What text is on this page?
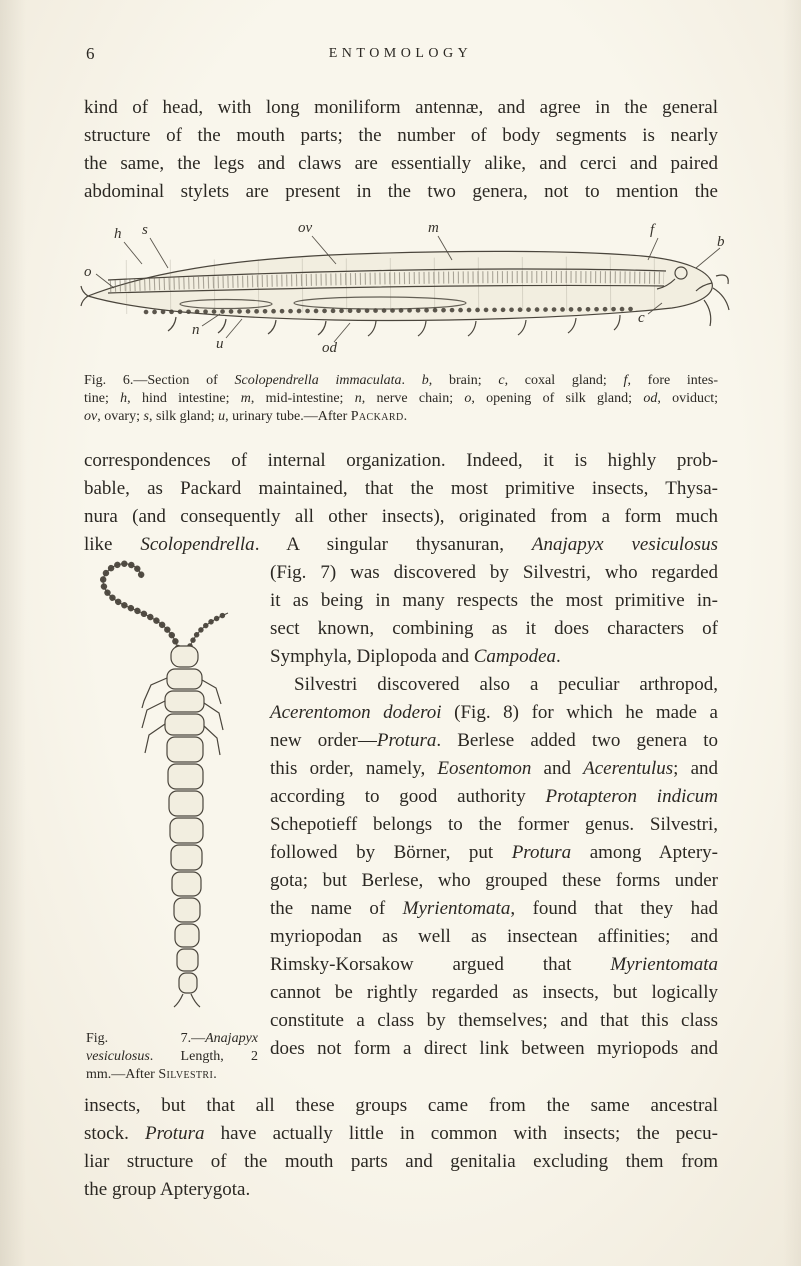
6	ENTOMOLOGY
kind of head, with long moniliform antennæ, and agree in the general
structure of the mouth parts; the number of body segments is nearly
the same, the legs and claws are essentially alike, and cerci and paired
abdominal stylets are present in the two genera, not to mention the
h s	ov	m	f
b
o
n
u	od
c
Fig. 6.—Section of Scolopendrella immaculata. b, brain; c, coxal gland; f, fore intes-
tine; h, hind intestine; m, mid-intestine; n, nerve chain; o, opening of silk gland; od, oviduct;
ov, ovary; s, silk gland; u, urinary tube.—After Packard.
correspondences of internal organization. Indeed, it is highly prob-
bable, as Packard maintained, that the most primitive insects, Thysa-
nura (and consequently all other insects), originated from a form much
like Scolopendrella. A singular thysanuran, Anajapyx vesiculosus
Fig. 7.—Anajapyx
vesiculosus. Length, 2
mm.—After Silvestri.
(Fig. 7) was discovered by Silvestri, who regarded
it as being in many respects the most primitive in-
sect known, combining as it does characters of
Symphyla, Diplopoda and Campodea.
Silvestri discovered also a peculiar arthropod,
Acerentomon doderoi (Fig. 8) for which he made a
new order—Protura. Berlese added two genera to
this order, namely, Eosentomon and Acerentulus; and
according to good authority Protapteron indicum
Schepotieff belongs to the former genus. Silvestri,
followed by Börner, put Protura among Aptery-
gota; but Berlese, who grouped these forms under
the name of Myrientomata, found that they had
myriopodan as well as insectean affinities; and
Rimsky-Korsakow argued that Myrientomata
cannot be rightly regarded as insects, but logically
constitute a class by themselves; and that this class
does not form a direct link between myriopods and
insects, but that all these groups came from the same ancestral
stock. Protura have actually little in common with insects; the pecu-
liar structure of the mouth parts and genitalia excluding them from
the group Apterygota.
